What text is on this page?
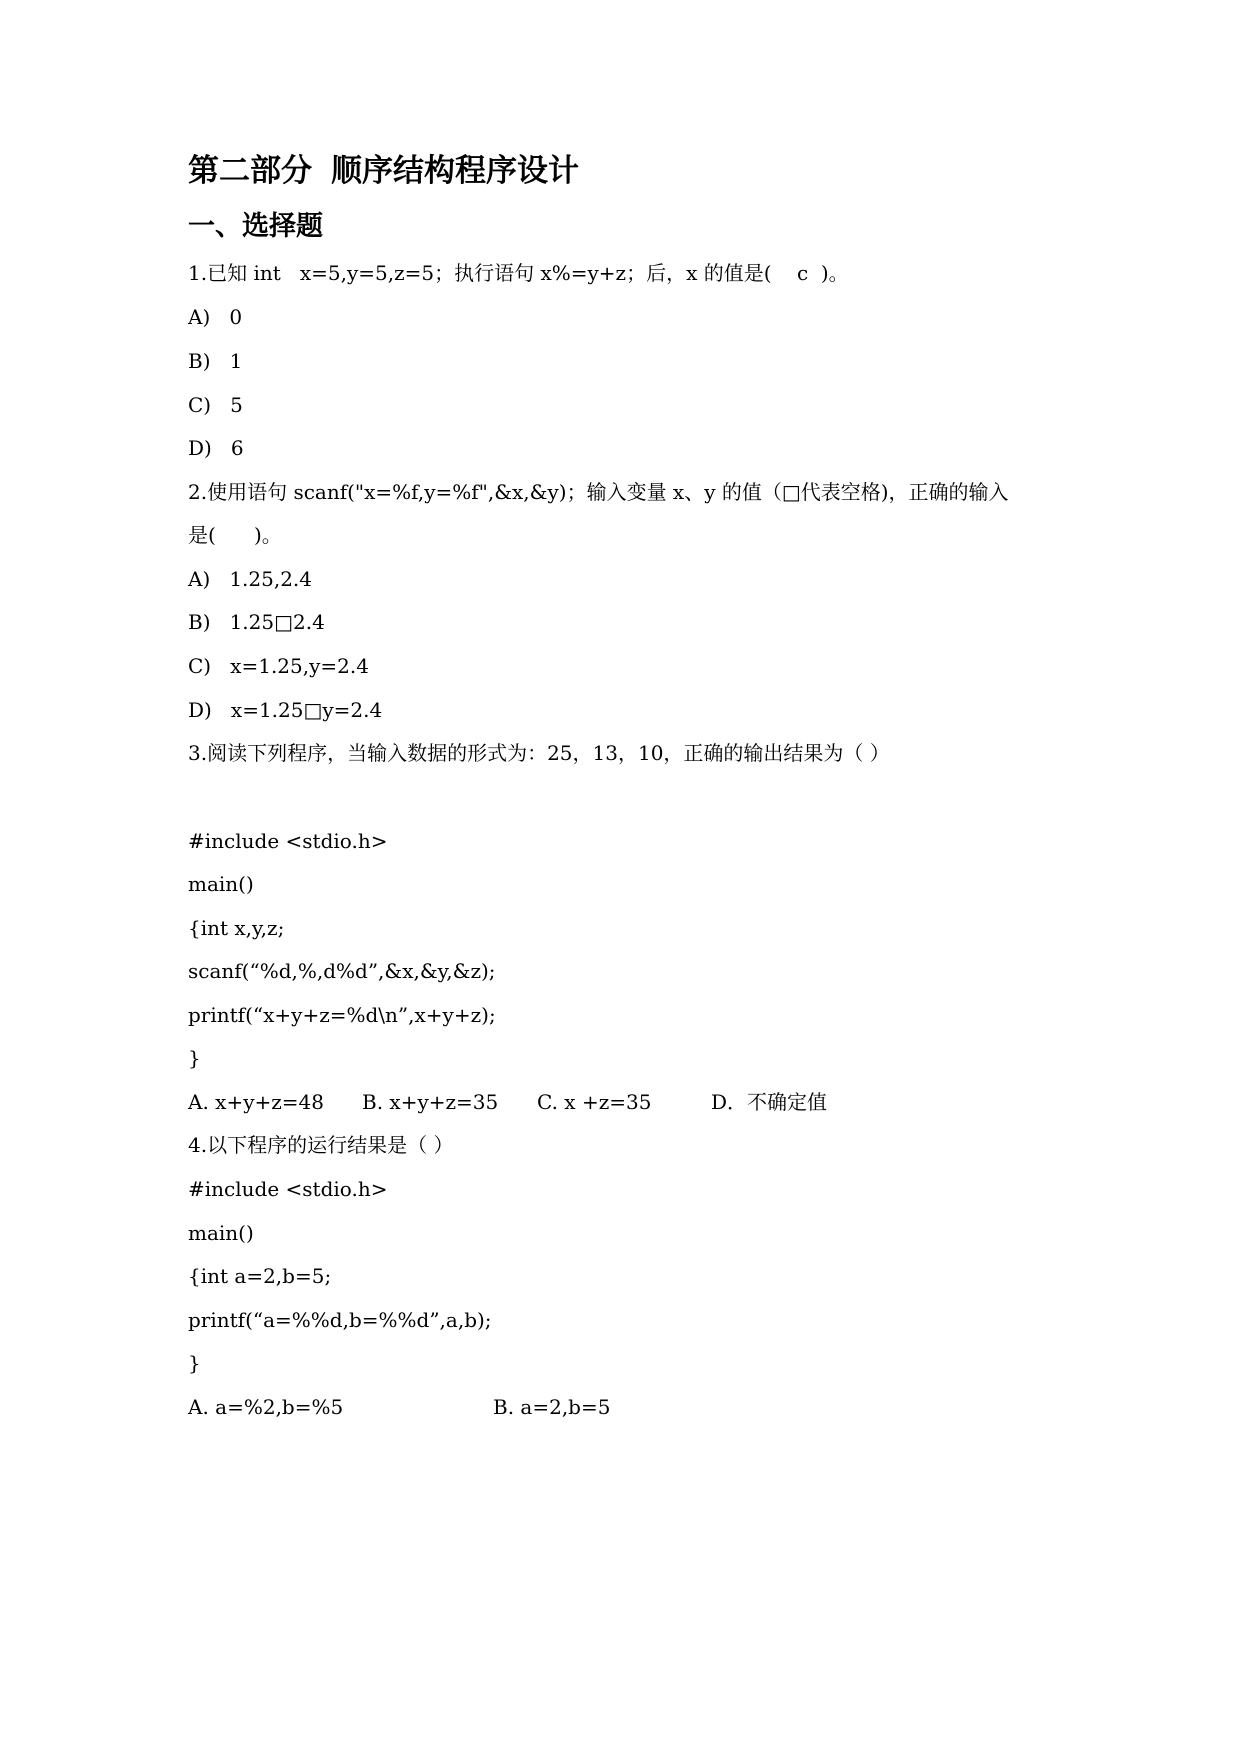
第二部分 顺序结构程序设计
一、选择题
1.已知 int   x=5,y=5,z=5；执行语句 x%=y+z；后，x 的值是(    c  )。
A)   0
B)   1
C)   5
D)   6
2.使用语句 scanf("x=%f,y=%f",&x,&y)；输入变量 x、y 的值（□代表空格)，正确的输入
是(      )。
A)   1.25,2.4
B)   1.25□2.4
C)   x=1.25,y=2.4
D)   x=1.25□y=2.4
3.阅读下列程序，当输入数据的形式为：25，13，10，正确的输出结果为（ ）
#include <stdio.h>
main()
{int x,y,z;
scanf(“%d,%,d%d”,&x,&y,&z);
printf(“x+y+z=%d\n”,x+y+z);
}
A. x+y+z=48 B. x+y+z=35 C. x +z=35	D．不确定值
4.以下程序的运行结果是（ ）
#include <stdio.h>
main()
{int a=2,b=5;
printf(“a=%%d,b=%%d”,a,b);
}
A. a=%2,b=%5	B. a=2,b=5
